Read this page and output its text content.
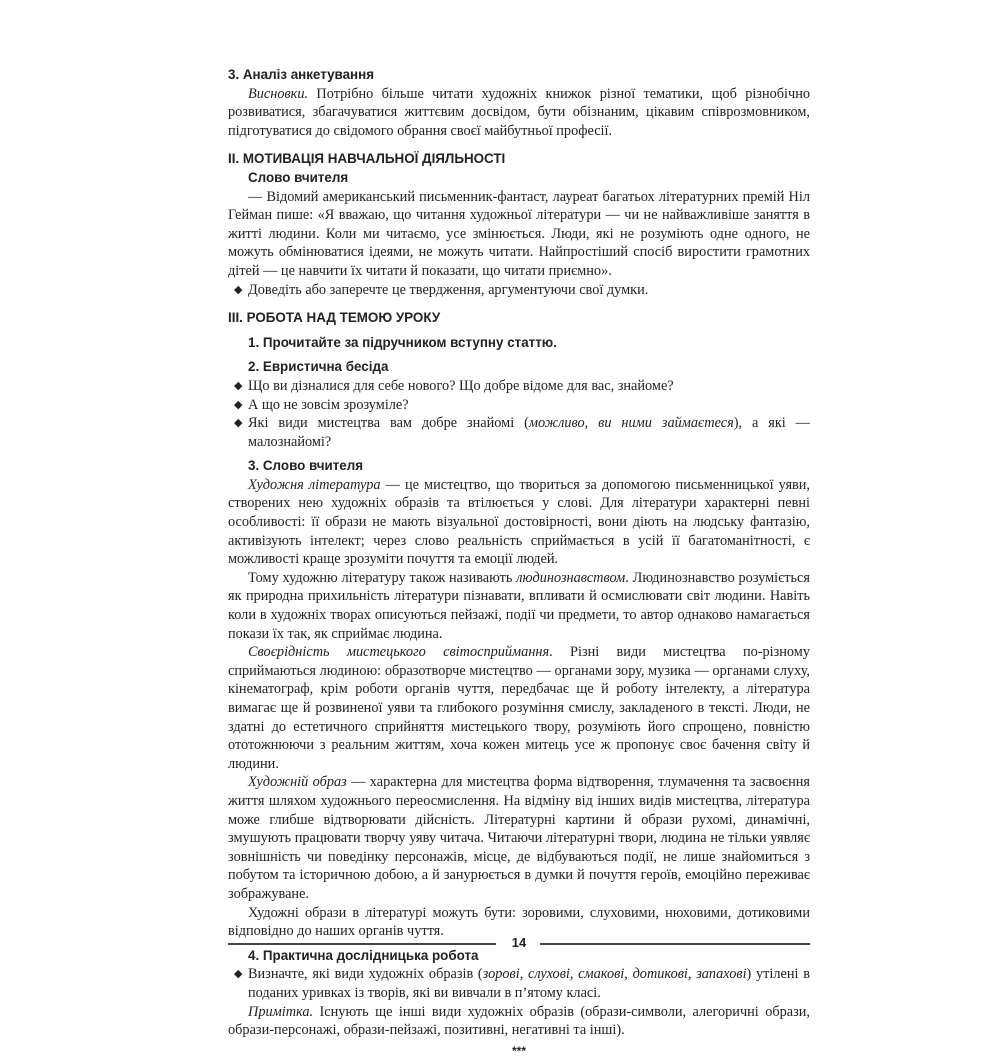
3. Аналіз анкетування

Висновки. Потрібно більше читати художніх книжок різної тематики, щоб різнобічно розвиватися, збагачуватися життєвим досвідом, бути обізнаним, цікавим співрозмовником, підготуватися до свідомого обрання своєї майбутньої професії.

ІІ. МОТИВАЦІЯ НАВЧАЛЬНОЇ ДІЯЛЬНОСТІ
Слово вчителя

— Відомий американський письменник-фантаст, лауреат багатьох літературних премій Ніл Гейман пише: «Я вважаю, що читання художньої літератури — чи не найважливіше заняття в житті людини. Коли ми читаємо, усе змінюється. Люди, які не розуміють одне одного, не можуть обмінюватися ідеями, не можуть читати. Найпростіший спосіб виростити грамотних дітей — це навчити їх читати й показати, що читати приємно».

◆ Доведіть або заперечте це твердження, аргументуючи свої думки.
ІІІ. РОБОТА НАД ТЕМОЮ УРОКУ
1. Прочитайте за підручником вступну статтю.
2. Евристична бесіда
◆ Що ви дізналися для себе нового? Що добре відоме для вас, знайоме?
◆ А що не зовсім зрозуміле?
◆ Які види мистецтва вам добре знайомі (можливо, ви ними займаєтеся), а які — малознайомі?
3. Слово вчителя

Художня література — це мистецтво, що твориться за допомогою письменницької уяви, створених нею художніх образів та втілюється у слові. Для літератури характерні певні особливості: її образи не мають візуальної достовірності, вони діють на людську фантазію, активізують інтелект; через слово реальність сприймається в усій її багатоманітності, є можливості краще зрозуміти почуття та емоції людей.

Тому художню літературу також називають людинознавством. Людинознавство розуміється як природна прихильність літератури пізнавати, впливати й осмислювати світ людини. Навіть коли в художніх творах описуються пейзажі, події чи предмети, то автор однаково намагається покази їх так, як сприймає людина.

Своєрідність мистецького світосприймання. Різні види мистецтва по-різному сприймаються людиною: образотворче мистецтво — органами зору, музика — органами слуху, кінематограф, крім роботи органів чуття, передбачає ще й роботу інтелекту, а література вимагає ще й розвиненої уяви та глибокого розуміння смислу, закладеного в тексті. Люди, не здатні до естетичного сприйняття мистецького твору, розуміють його спрощено, повністю ототожнюючи з реальним життям, хоча кожен митець усе ж пропонує своє бачення світу й людини.

Художній образ — характерна для мистецтва форма відтворення, тлумачення та засвоєння життя шляхом художнього переосмислення. На відміну від інших видів мистецтва, література може глибше відтворювати дійсність. Літературні картини й образи рухомі, динамічні, змушують працювати творчу уяву читача. Читаючи літературні твори, людина не тільки уявляє зовнішність чи поведінку персонажів, місце, де відбуваються події, не лише знайомиться з побутом та історичною добою, а й занурюється в думки й почуття героїв, емоційно переживає зображуване.

Художні образи в літературі можуть бути: зоровими, слуховими, нюховими, дотиковими відповідно до наших органів чуття.

4. Практична дослідницька робота
◆ Визначте, які види художніх образів (зорові, слухові, смакові, дотикові, запахові) утілені в поданих уривках із творів, які ви вивчали в п’ятому класі.

Примітка. Існують ще інші види художніх образів (образи-символи, алегоричні образи, образи-персонажі, образи-пейзажі, позитивні, негативні та інші).

***
14
